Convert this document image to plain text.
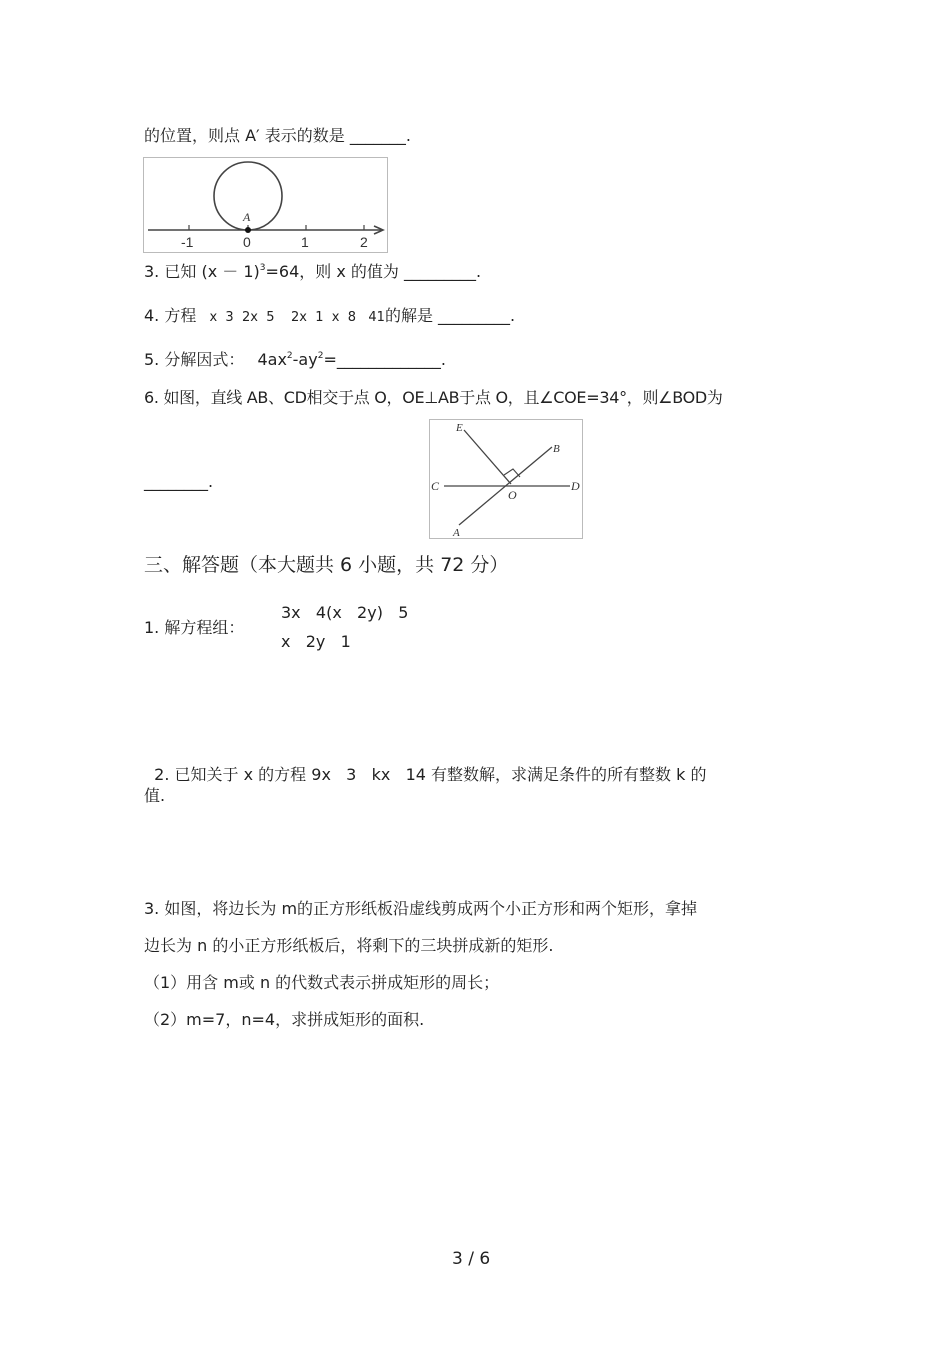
的位置，则点 A′ 表示的数是 _______.
A
-1	0	1	2
3. 已知 $(x - 1)^3=64$，则 x 的值为 _________.
4. 方程 x  3  2x  5    2x  1  x  8   41的解是 _________.
5. 分解因式： $4ax^2-ay^2=\_\_\_\_\_\_\_\_\_\_\_\_\_$.
6. 如图，直线 AB、CD相交于点 O，OE⊥AB于点 O，且∠COE=34°，则∠BOD为
________.
E
B
C
O
D
A
三、解答题（本大题共 6 小题，共 72 分）
1. 解方程组：
3x   4(x   2y)   5
x   2y   1

2. 已知关于 x 的方程 9x   3   kx   14 有整数解，求满足条件的所有整数 k 的

值.
3. 如图，将边长为 m的正方形纸板沿虚线剪成两个小正方形和两个矩形，拿掉
边长为 n 的小正方形纸板后，将剩下的三块拼成新的矩形.
（1）用含 m或 n 的代数式表示拼成矩形的周长；
（2）m=7，n=4，求拼成矩形的面积.
3 / 6
